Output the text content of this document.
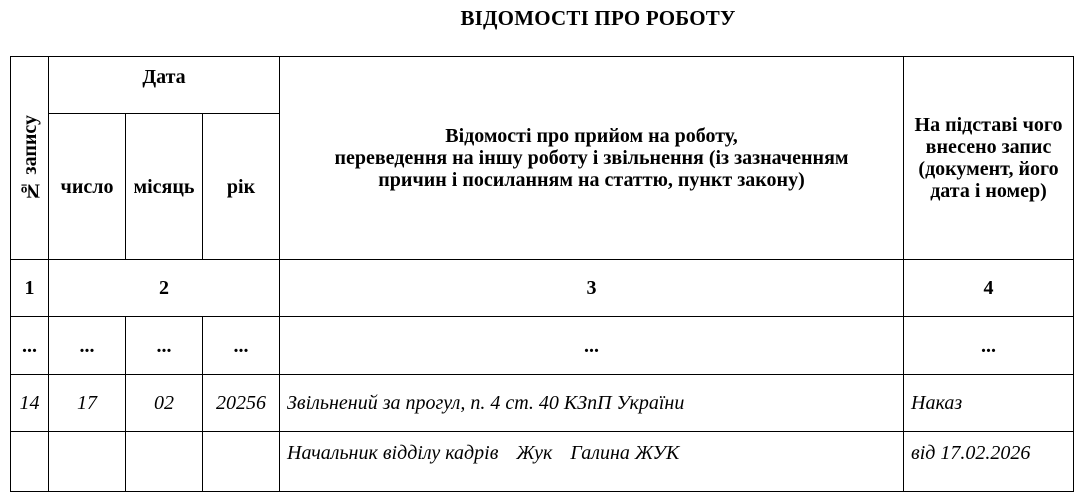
ВІДОМОСТІ ПРО РОБОТУ
№ запису	Дата			Відомості про прийом на роботу,
переведення на іншу роботу і звільнення (із зазначенням
причин і посиланням на статтю, пункт закону)	На підставі чого
внесено запис
(документ, його
дата і номер)

	число	місяць	рік		
1	2			3	4
...	...	...	...	...	...
14	17	02	20256	Звільнений за прогул, п. 4 ст. 40 КЗпП України	Наказ
				Начальник відділу кадрів Жук Галина ЖУК	від 17.02.2026
